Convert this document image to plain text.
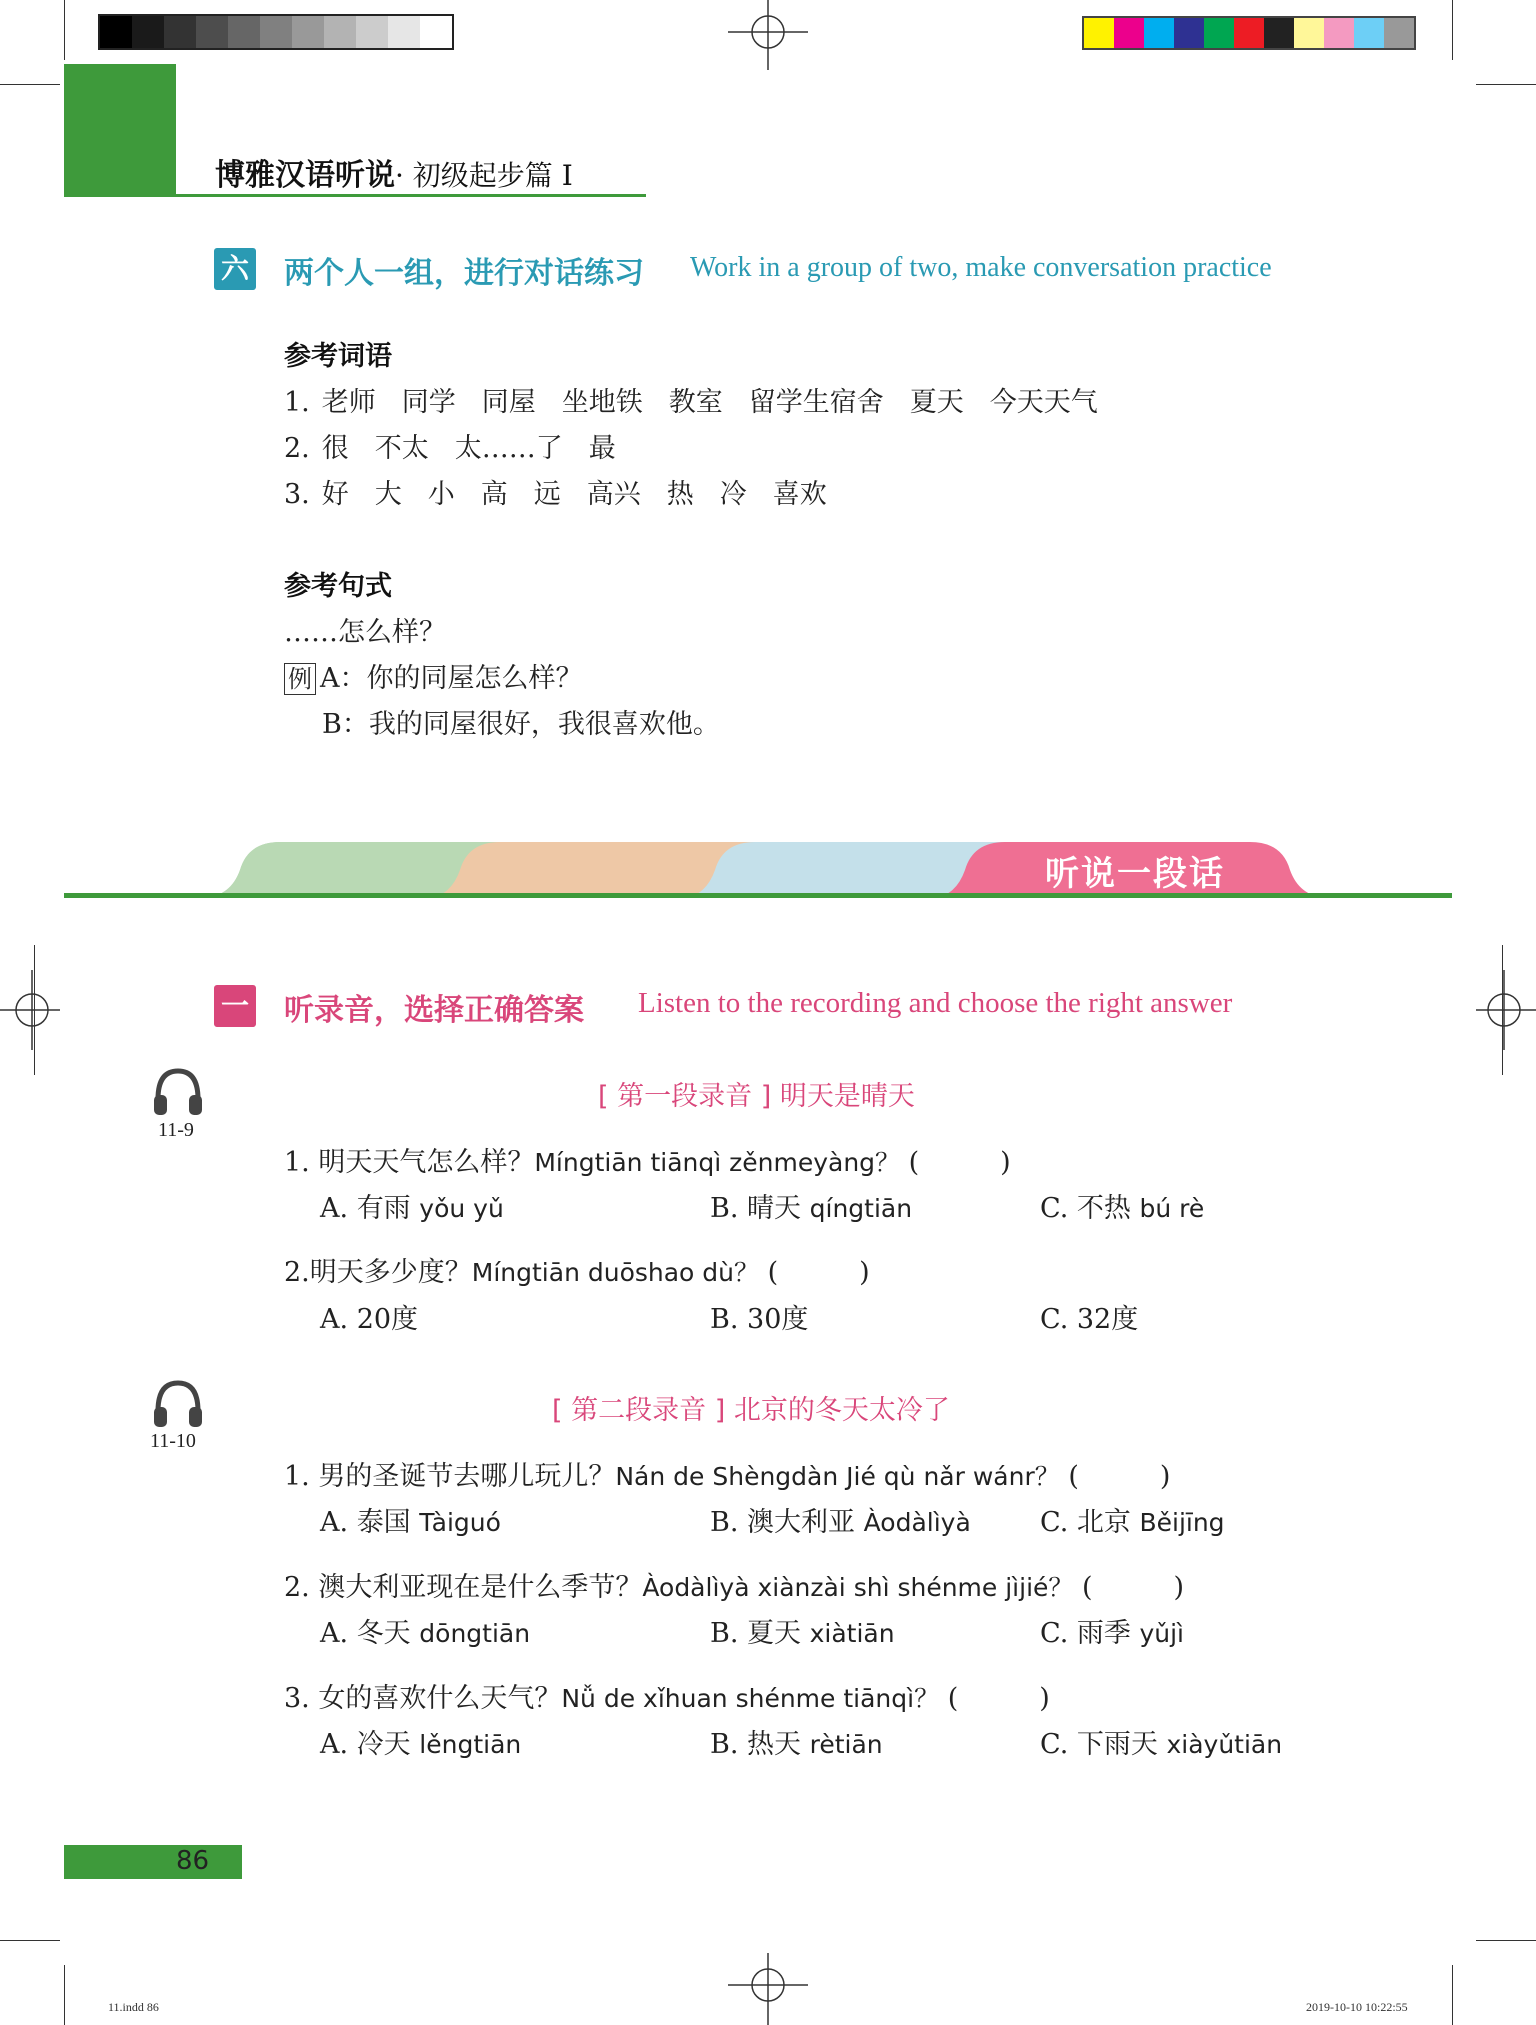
博雅汉语听说· 初级起步篇 I
六 两个人一组，进行对话练习 Work in a group of two, make conversation practice
参考词语
1. 老师 同学 同屋 坐地铁 教室 留学生宿舍 夏天 今天天气
2. 很 不太 太……了 最
3. 好 大 小 高 远 高兴 热 冷 喜欢
参考句式
……怎么样？
例 A：你的同屋怎么样？
B：我的同屋很好，我很喜欢他。
听说一段话
一 听录音，选择正确答案 Listen to the recording and choose the right answer
11-9
[ 第一段录音 ] 明天是晴天
1. 明天天气怎么样？Míngtiān tiānqì zěnmeyàng？ (　　　)
A. 有雨 yǒu yǔ	B. 晴天 qíngtiān	C. 不热 bú rè
2.明天多少度？Míngtiān duōshao dù？ (　　　)
A. 20度	B. 30度	C. 32度
11-10
[ 第二段录音 ] 北京的冬天太冷了
1. 男的圣诞节去哪儿玩儿？Nán de Shèngdàn Jié qù nǎr wánr？ (　　　)
A. 泰国 Tàiguó	B. 澳大利亚 Àodàlìyà	C. 北京 Běijīng
2. 澳大利亚现在是什么季节？Àodàlìyà xiànzài shì shénme jìjié？ (　　　)
A. 冬天 dōngtiān	B. 夏天 xiàtiān	C. 雨季 yǔjì
3. 女的喜欢什么天气？Nǚ de xǐhuan shénme tiānqì？ (　　　)
A. 冷天 lěngtiān	B. 热天 rètiān	C. 下雨天 xiàyǔtiān
86
11.indd 86	2019-10-10 10:22:55
